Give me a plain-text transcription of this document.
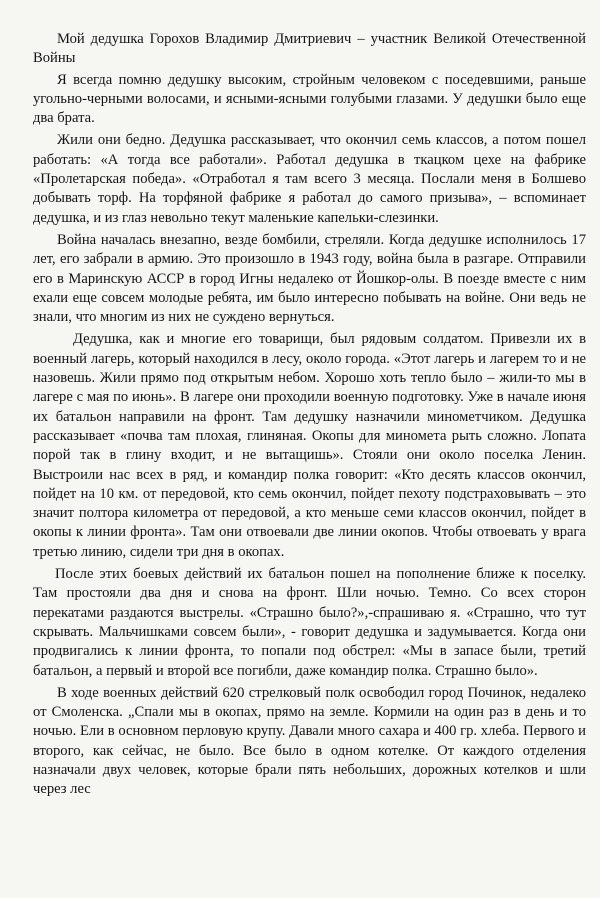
Мой дедушка Горохов Владимир Дмитриевич – участник Великой Отечественной Войны

Я всегда помню дедушку высоким, стройным человеком с поседевшими, раньше угольно-черными волосами, и ясными-ясными голубыми глазами. У дедушки было еще два брата.

Жили они бедно. Дедушка рассказывает, что окончил семь классов, а потом пошел работать: «А тогда все работали». Работал дедушка в ткацком цехе на фабрике «Пролетарская победа». «Отработал я там всего 3 месяца. Послали меня в Болшево добывать торф. На торфяной фабрике я работал до самого призыва», – вспоминает дедушка, и из глаз невольно текут маленькие капельки-слезинки.

Война началась внезапно, везде бомбили, стреляли. Когда дедушке исполнилось 17 лет, его забрали в армию. Это произошло в 1943 году, война была в разгаре. Отправили его в Маринскую АССР в город Игны недалеко от Йошкор-олы. В поезде вместе с ним ехали еще совсем молодые ребята, им было интересно побывать на войне. Они ведь не знали, что многим из них не суждено вернуться.

Дедушка, как и многие его товарищи, был рядовым солдатом. Привезли их в военный лагерь, который находился в лесу, около города. «Этот лагерь и лагерем то и не назовешь. Жили прямо под открытым небом. Хорошо хоть тепло было – жили-то мы в лагере с мая по июнь». В лагере они проходили военную подготовку. Уже в начале июня их батальон направили на фронт. Там дедушку назначили минометчиком. Дедушка рассказывает «почва там плохая, глиняная. Окопы для миномета рыть сложно. Лопата порой так в глину входит, и не вытащишь». Стояли они около поселка Ленин. Выстроили нас всех в ряд, и командир полка говорит: «Кто десять классов окончил, пойдет на 10 км. от передовой, кто семь окончил, пойдет пехоту подстраховывать – это значит полтора километра от передовой, а кто меньше семи классов окончил, пойдет в окопы к линии фронта». Там они отвоевали две линии окопов. Чтобы отвоевать у врага третью линию, сидели три дня в окопах.

После этих боевых действий их батальон пошел на пополнение ближе к поселку. Там простояли два дня и снова на фронт. Шли ночью. Темно. Со всех сторон перекатами раздаются выстрелы. «Страшно было?»,-спрашиваю я. «Страшно, что тут скрывать. Мальчишками совсем были», - говорит дедушка и задумывается. Когда они продвигались к линии фронта, то попали под обстрел: «Мы в запасе были, третий батальон, а первый и второй все погибли, даже командир полка. Страшно было».

В ходе военных действий 620 стрелковый полк освободил город Починок, недалеко от Смоленска. „Спали мы в окопах, прямо на земле. Кормили на один раз в день и то ночью. Ели в основном перловую крупу. Давали много сахара и 400 гр. хлеба. Первого и второго, как сейчас, не было. Все было в одном котелке. От каждого отделения назначали двух человек, которые брали пять небольших, дорожных котелков и шли через лес
